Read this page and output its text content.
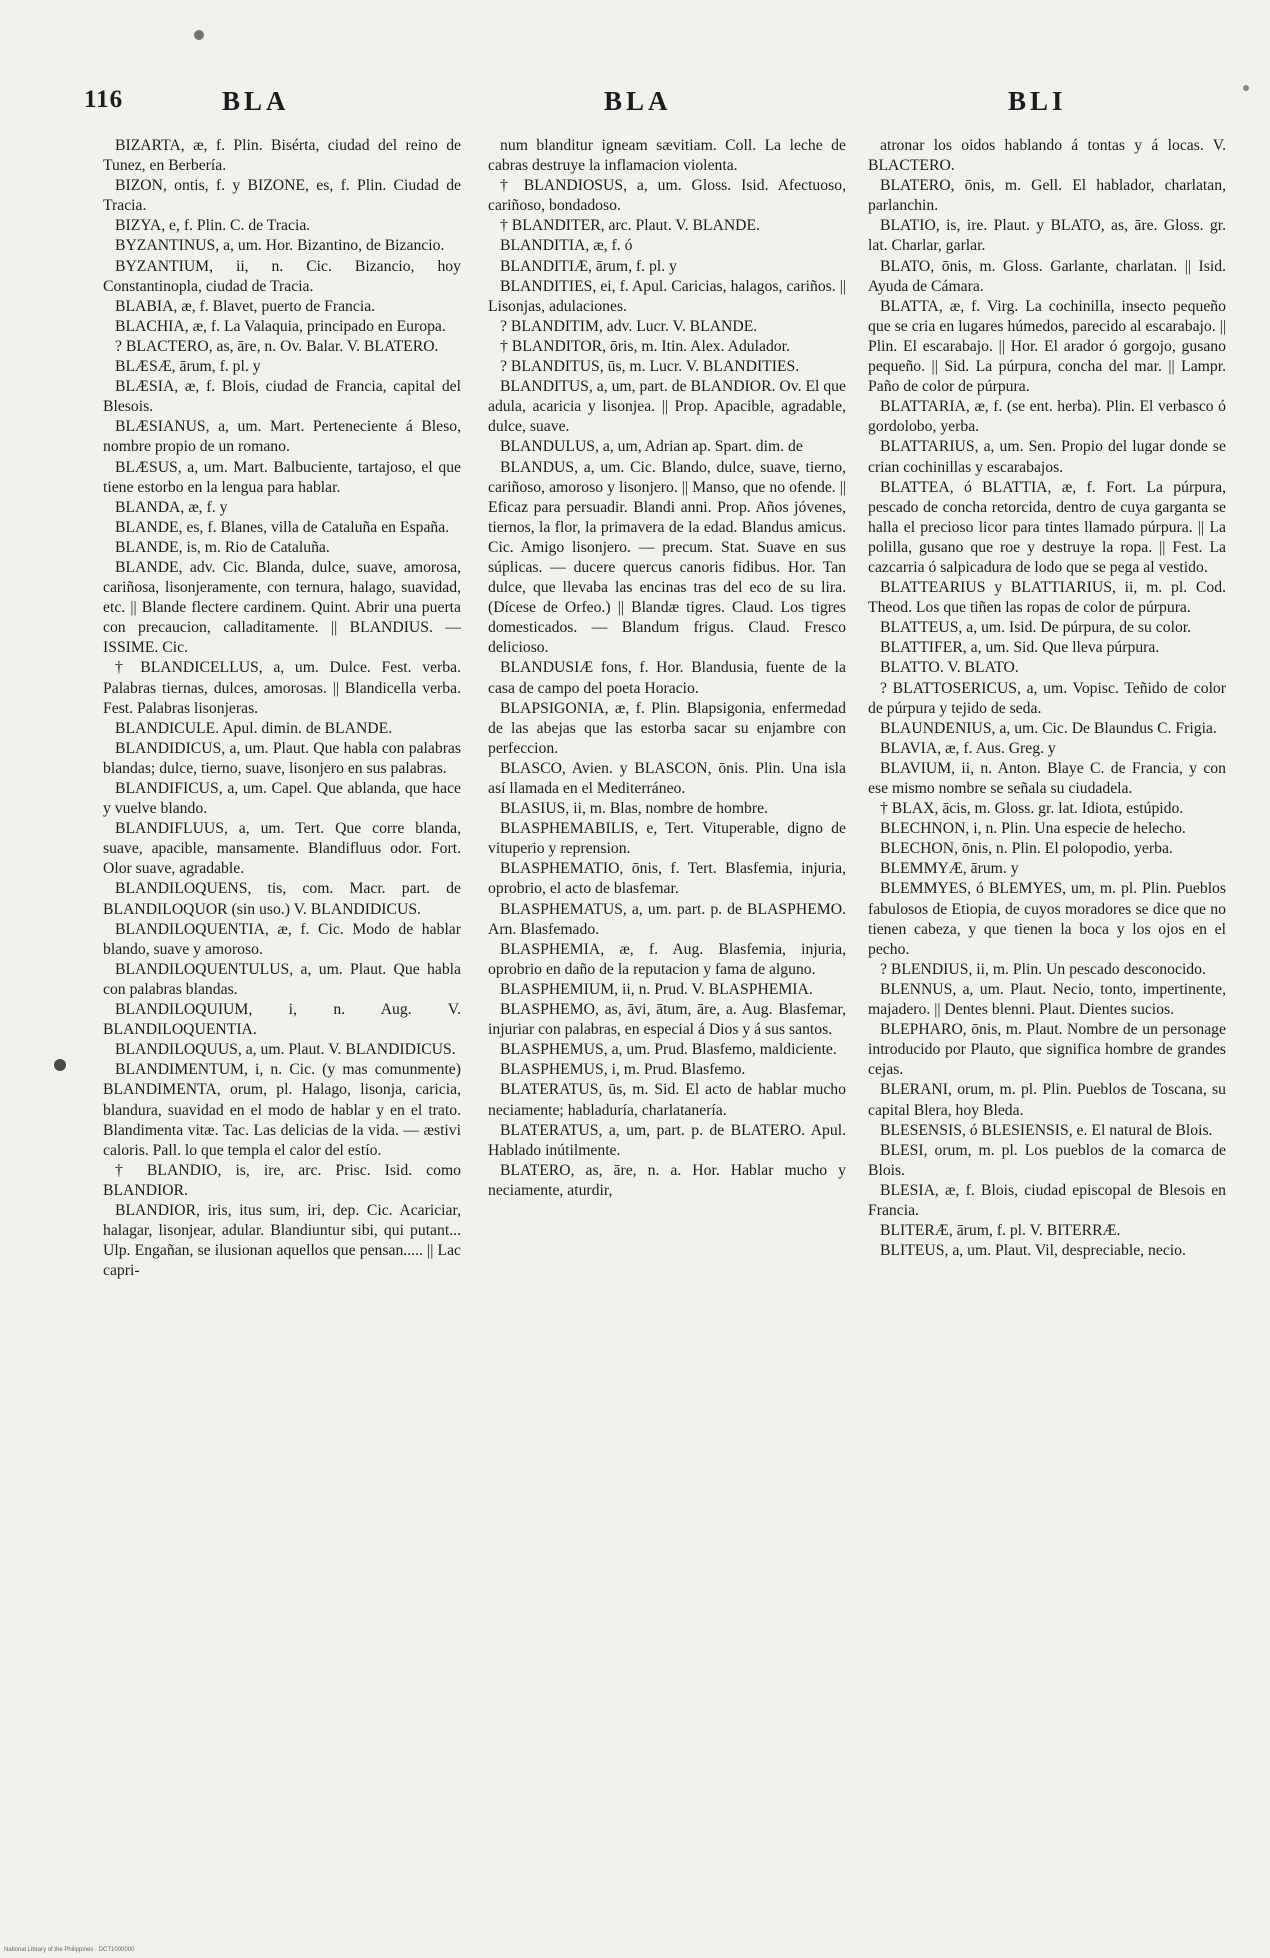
116	BLA	BLA	BLI
BIZARTA, æ, f. Plin. Bisérta, ciudad del reino de Tunez, en Berbería.
BIZON, ontis, f. y BIZONE, es, f. Plin. Ciudad de Tracia.
BIZYA, e, f. Plin. C. de Tracia.
BYZANTINUS, a, um. Hor. Bizantino, de Bizancio.
BYZANTIUM, ii, n. Cic. Bizancio, hoy Constantinopla, ciudad de Tracia.
BLABIA, æ, f. Blavet, puerto de Francia.
BLACHIA, æ, f. La Valaquia, principado en Europa.
? BLACTERO, as, āre, n. Ov. Balar. V. BLATERO.
BLÆSÆ, ārum, f. pl. y
BLÆSIA, æ, f. Blois, ciudad de Francia, capital del Blesois.
BLÆSIANUS, a, um. Mart. Perteneciente á Bleso, nombre propio de un romano.
BLÆSUS, a, um. Mart. Balbuciente, tartajoso, el que tiene estorbo en la lengua para hablar.
BLANDA, æ, f. y
BLANDE, es, f. Blanes, villa de Cataluña en España.
BLANDE, is, m. Rio de Cataluña.
BLANDE, adv. Cic. Blanda, dulce, suave, amorosa, cariñosa, lisonjeramente, con ternura, halago, suavidad, etc. || Blande flectere cardinem. Quint. Abrir una puerta con precaucion, calladitamente. || BLANDIUS. — ISSIME. Cic.
† BLANDICELLUS, a, um. Dulce. Fest. verba. Palabras tiernas, dulces, amorosas. || Blandicella verba. Fest. Palabras lisonjeras.
BLANDICULE. Apul. dimin. de BLANDE.
BLANDIDICUS, a, um. Plaut. Que habla con palabras blandas; dulce, tierno, suave, lisonjero en sus palabras.
BLANDIFICUS, a, um. Capel. Que ablanda, que hace y vuelve blando.
BLANDIFLUUS, a, um. Tert. Que corre blanda, suave, apacible, mansamente. Blandifluus odor. Fort. Olor suave, agradable.
BLANDILOQUENS, tis, com. Macr. part. de BLANDILOQUOR (sin uso.) V. BLANDIDICUS.
BLANDILOQUENTIA, æ, f. Cic. Modo de hablar blando, suave y amoroso.
BLANDILOQUENTULUS, a, um. Plaut. Que habla con palabras blandas.
BLANDILOQUIUM, i, n. Aug. V. BLANDILOQUENTIA.
BLANDILOQUUS, a, um. Plaut. V. BLANDIDICUS.
BLANDIMENTUM, i, n. Cic. (y mas comunmente) BLANDIMENTA, orum, pl. Halago, lisonja, caricia, blandura, suavidad en el modo de hablar y en el trato. Blandimenta vitæ. Tac. Las delicias de la vida. — æstivi caloris. Pall. lo que templa el calor del estío.
† BLANDIO, is, ire, arc. Prisc. Isid. como BLANDIOR.
BLANDIOR, iris, itus sum, iri, dep. Cic. Acariciar, halagar, lisonjear, adular. Blandiuntur sibi, qui putant... Ulp. Engañan, se ilusionan aquellos que pensan..... || Lac capri-
num blanditur igneam sævitiam. Coll. La leche de cabras destruye la inflamacion violenta.
† BLANDIOSUS, a, um. Gloss. Isid. Afectuoso, cariñoso, bondadoso.
† BLANDITER, arc. Plaut. V. BLANDE.
BLANDITIA, æ, f. ó
BLANDITIÆ, ārum, f. pl. y
BLANDITIES, ei, f. Apul. Caricias, halagos, cariños. || Lisonjas, adulaciones.
? BLANDITIM, adv. Lucr. V. BLANDE.
† BLANDITOR, ōris, m. Itin. Alex. Adulador.
? BLANDITUS, ūs, m. Lucr. V. BLANDITIES.
BLANDITUS, a, um, part. de BLANDIOR. Ov. El que adula, acaricia y lisonjea. || Prop. Apacible, agradable, dulce, suave.
BLANDULUS, a, um, Adrian ap. Spart. dim. de
BLANDUS, a, um. Cic. Blando, dulce, suave, tierno, cariñoso, amoroso y lisonjero. || Manso, que no ofende. || Eficaz para persuadir. Blandi anni. Prop. Años jóvenes, tiernos, la flor, la primavera de la edad. Blandus amicus. Cic. Amigo lisonjero. — precum. Stat. Suave en sus súplicas. — ducere quercus canoris fidibus. Hor. Tan dulce, que llevaba las encinas tras del eco de su lira. (Dícese de Orfeo.) || Blandæ tigres. Claud. Los tigres domesticados. — Blandum frigus. Claud. Fresco delicioso.
BLANDUSIÆ fons, f. Hor. Blandusia, fuente de la casa de campo del poeta Horacio.
BLAPSIGONIA, æ, f. Plin. Blapsigonia, enfermedad de las abejas que las estorba sacar su enjambre con perfeccion.
BLASCO, Avien. y BLASCON, ōnis. Plin. Una isla así llamada en el Mediterráneo.
BLASIUS, ii, m. Blas, nombre de hombre.
BLASPHEMABILIS, e, Tert. Vituperable, digno de vituperio y reprension.
BLASPHEMATIO, ōnis, f. Tert. Blasfemia, injuria, oprobrio, el acto de blasfemar.
BLASPHEMATUS, a, um. part. p. de BLASPHEMO. Arn. Blasfemado.
BLASPHEMIA, æ, f. Aug. Blasfemia, injuria, oprobrio en daño de la reputacion y fama de alguno.
BLASPHEMIUM, ii, n. Prud. V. BLASPHEMIA.
BLASPHEMO, as, āvi, ātum, āre, a. Aug. Blasfemar, injuriar con palabras, en especial á Dios y á sus santos.
BLASPHEMUS, a, um. Prud. Blasfemo, maldiciente.
BLASPHEMUS, i, m. Prud. Blasfemo.
BLATERATUS, ūs, m. Sid. El acto de hablar mucho neciamente; habladuría, charlatanería.
BLATERATUS, a, um, part. p. de BLATERO. Apul. Hablado inútilmente.
BLATERO, as, āre, n. a. Hor. Hablar mucho y neciamente, aturdir,
atronar los oidos hablando á tontas y á locas. V. BLACTERO.
BLATERO, ōnis, m. Gell. El hablador, charlatan, parlanchin.
BLATIO, is, ire. Plaut. y BLATO, as, āre. Gloss. gr. lat. Charlar, garlar.
BLATO, ōnis, m. Gloss. Garlante, charlatan. || Isid. Ayuda de Cámara.
BLATTA, æ, f. Virg. La cochinilla, insecto pequeño que se cria en lugares húmedos, parecido al escarabajo. || Plin. El escarabajo. || Hor. El arador ó gorgojo, gusano pequeño. || Sid. La púrpura, concha del mar. || Lampr. Paño de color de púrpura.
BLATTARIA, æ, f. (se ent. herba). Plin. El verbasco ó gordolobo, yerba.
BLATTARIUS, a, um. Sen. Propio del lugar donde se crian cochinillas y escarabajos.
BLATTEA, ó BLATTIA, æ, f. Fort. La púrpura, pescado de concha retorcida, dentro de cuya garganta se halla el precioso licor para tintes llamado púrpura. || La polilla, gusano que roe y destruye la ropa. || Fest. La cazcarria ó salpicadura de lodo que se pega al vestido.
BLATTEARIUS y BLATTIARIUS, ii, m. pl. Cod. Theod. Los que tiñen las ropas de color de púrpura.
BLATTEUS, a, um. Isid. De púrpura, de su color.
BLATTIFER, a, um. Sid. Que lleva púrpura.
BLATTO. V. BLATO.
? BLATTOSERICUS, a, um. Vopisc. Teñido de color de púrpura y tejido de seda.
BLAUNDENIUS, a, um. Cic. De Blaundus C. Frigia.
BLAVIA, æ, f. Aus. Greg. y
BLAVIUM, ii, n. Anton. Blaye C. de Francia, y con ese mismo nombre se señala su ciudadela.
† BLAX, ācis, m. Gloss. gr. lat. Idiota, estúpido.
BLECHNON, i, n. Plin. Una especie de helecho.
BLECHON, ōnis, n. Plin. El polopodio, yerba.
BLEMMYÆ, ārum. y
BLEMMYES, ó BLEMYES, um, m. pl. Plin. Pueblos fabulosos de Etiopia, de cuyos moradores se dice que no tienen cabeza, y que tienen la boca y los ojos en el pecho.
? BLENDIUS, ii, m. Plin. Un pescado desconocido.
BLENNUS, a, um. Plaut. Necio, tonto, impertinente, majadero. || Dentes blenni. Plaut. Dientes sucios.
BLEPHARO, ōnis, m. Plaut. Nombre de un personage introducido por Plauto, que significa hombre de grandes cejas.
BLERANI, orum, m. pl. Plin. Pueblos de Toscana, su capital Blera, hoy Bleda.
BLESENSIS, ó BLESIENSIS, e. El natural de Blois.
BLESI, orum, m. pl. Los pueblos de la comarca de Blois.
BLESIA, æ, f. Blois, ciudad episcopal de Blesois en Francia.
BLITERÆ, ārum, f. pl. V. BITERRÆ.
BLITEUS, a, um. Plaut. Vil, despreciable, necio.
National Library of the Philippines · DCT1000000
